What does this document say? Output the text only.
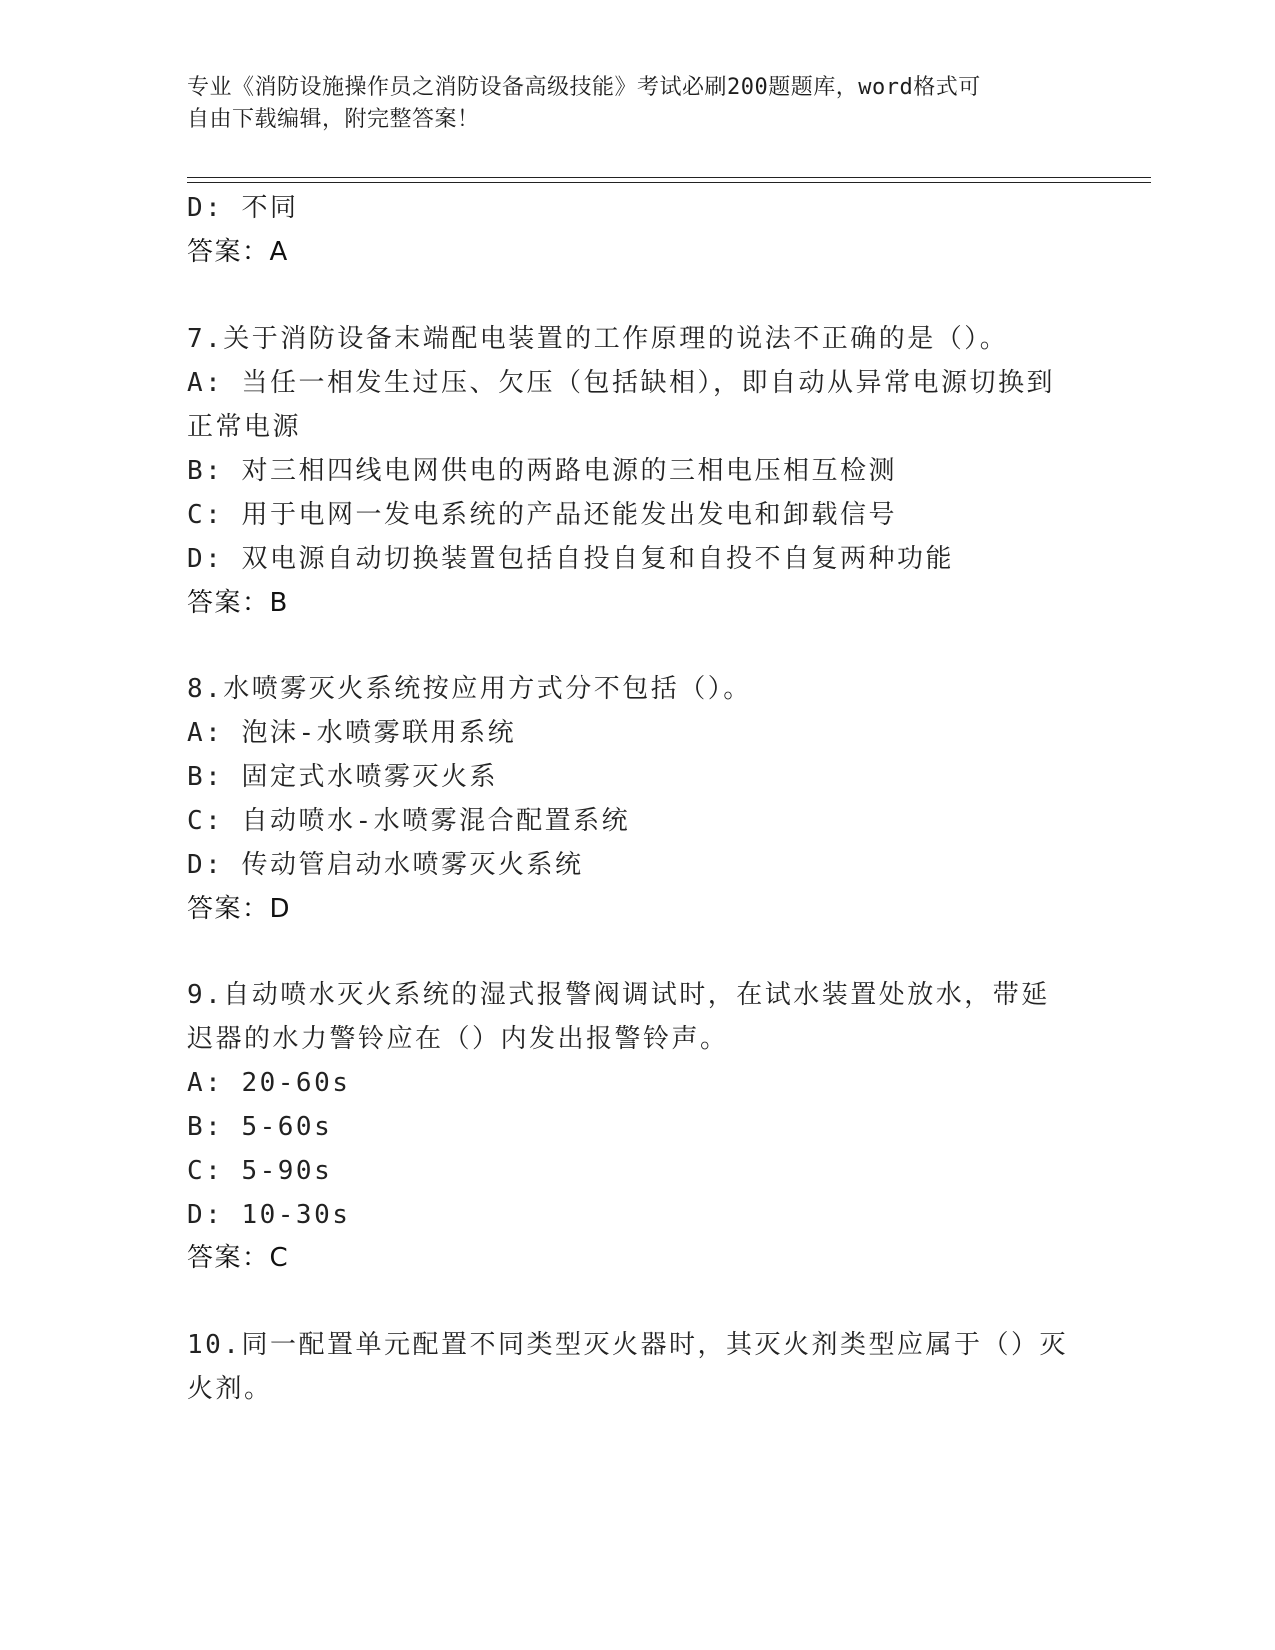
专业《消防设施操作员之消防设备高级技能》考试必刷200题题库，word格式可
自由下载编辑，附完整答案！
D: 不同
答案：A
7.关于消防设备末端配电装置的工作原理的说法不正确的是（）。
A: 当任一相发生过压、欠压（包括缺相），即自动从异常电源切换到
正常电源
B: 对三相四线电网供电的两路电源的三相电压相互检测
C: 用于电网一发电系统的产品还能发出发电和卸载信号
D: 双电源自动切换装置包括自投自复和自投不自复两种功能
答案：B
8.水喷雾灭火系统按应用方式分不包括（）。
A: 泡沫-水喷雾联用系统
B: 固定式水喷雾灭火系
C: 自动喷水-水喷雾混合配置系统
D: 传动管启动水喷雾灭火系统
答案：D
9.自动喷水灭火系统的湿式报警阀调试时，在试水装置处放水，带延
迟器的水力警铃应在（）内发出报警铃声。
A: 20-60s
B: 5-60s
C: 5-90s
D: 10-30s
答案：C
10.同一配置单元配置不同类型灭火器时，其灭火剂类型应属于（）灭
火剂。
